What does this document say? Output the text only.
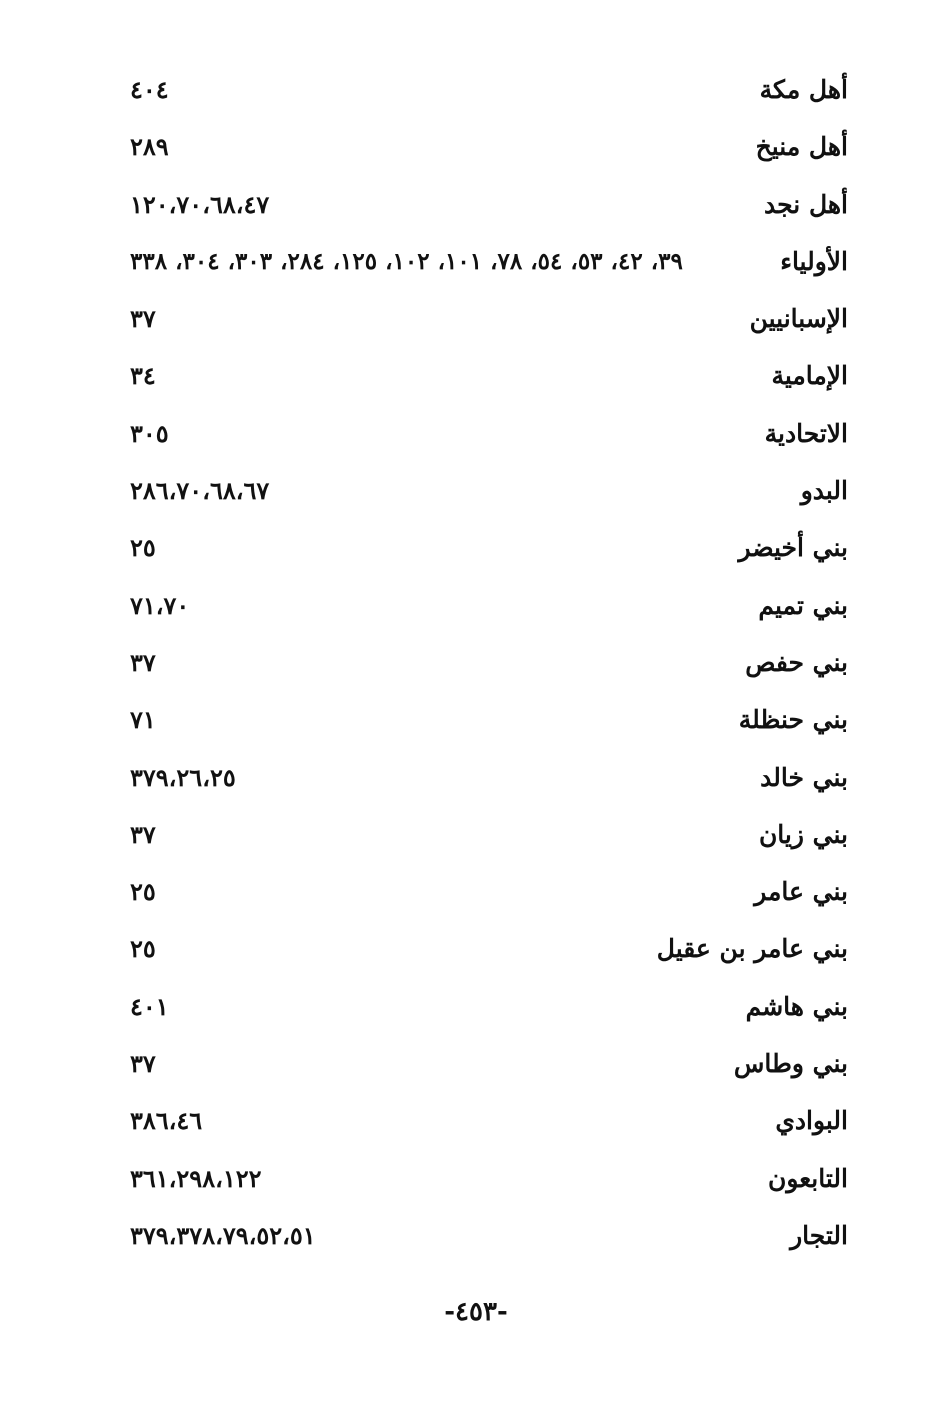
أهل مكة
٤٠٤
أهل منيخ
٢٨٩
أهل نجد
١٢٠،٧٠،٦٨،٤٧
الأولياء
٣٩، ٤٢، ٥٣، ٥٤، ٧٨، ١٠١، ١٠٢، ١٢٥، ٢٨٤، ٣٠٣، ٣٠٤، ٣٣٨
الإسبانيين
٣٧
الإمامية
٣٤
الاتحادية
٣٠٥
البدو
٢٨٦،٧٠،٦٨،٦٧
بني أخيضر
٢٥
بني تميم
٧١،٧٠
بني حفص
٣٧
بني حنظلة
٧١
بني خالد
٣٧٩،٢٦،٢٥
بني زيان
٣٧
بني عامر
٢٥
بني عامر بن عقيل
٢٥
بني هاشم
٤٠١
بني وطاس
٣٧
البوادي
٣٨٦،٤٦
التابعون
٣٦١،٢٩٨،١٢٢
التجار
٣٧٩،٣٧٨،٧٩،٥٢،٥١
-٤٥٣-
